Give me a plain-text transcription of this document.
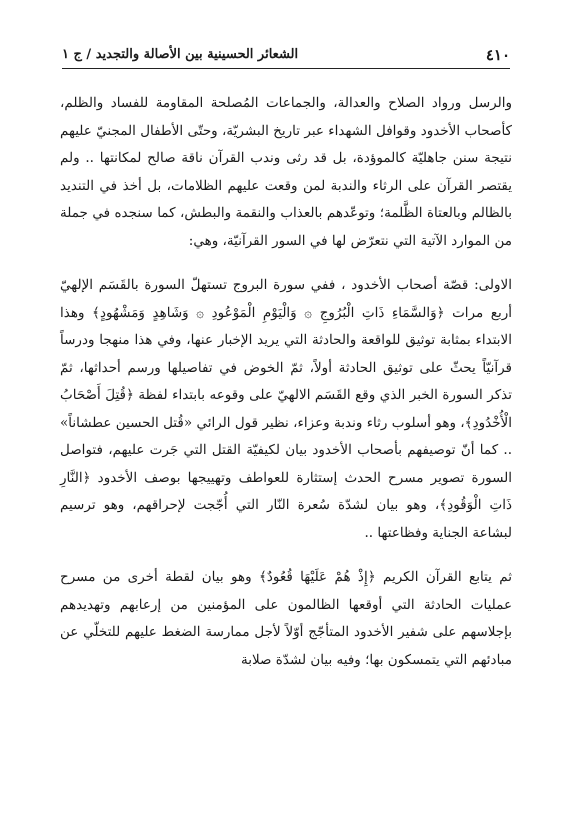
٤١٠
الشعائر الحسينية بين الأصالة والتجديد / ج ١

والرسل ورواد الصلاح والعدالة، والجماعات المُصلحة المقاومة للفساد والظلم، كأصحاب الأخدود وقوافل الشهداء عبر تاريخ البشريّة، وحتّى الأطفال المجنيّ عليهم نتيجة سنن جاهليّة كالموؤدة، بل قد رثى وندب القرآن ناقة صالح لمكانتها .. ولم يقتصر القرآن على الرثاء والندبة لمن وقعت عليهم الظلامات، بل أخذ في التنديد بالظالم وبالعتاة الظَّلمة؛ وتوعّدهم بالعذاب والنقمة والبطش، كما سنجده في جملة من الموارد الآتية التي نتعرّض لها في السور القرآنيّة، وهي:

الاولى: قصّة أصحاب الأخدود ، ففي سورة البروج تستهلّ السورة بالقَسَم الإلهيّ أربع مرات ﴿وَالسَّمَاءِ ذَاتِ الْبُرُوجِ ۞ وَالْيَوْمِ الْمَوْعُودِ ۞ وَشَاهِدٍ وَمَشْهُودٍ﴾ وهذا الابتداء بمثابة توثيق للواقعة والحادثة التي يريد الإخبار عنها، وفي هذا منهجا ودرساً قرآنيّاً يحثّ على توثيق الحادثة أولاً، ثمّ الخوض في تفاصيلها ورسم أحداثها، ثمّ تذكر السورة الخبر الذي وقع القَسَم الالهيّ على وقوعه بابتداء لفظة ﴿قُتِلَ أَصْحَابُ الْأُخْدُودِ﴾، وهو أسلوب رثاء وندبة وعزاء، نظير قول الرائي «قُتل الحسين عطشاناً» .. كما أنّ توصيفهم بأصحاب الأخدود بيان لكيفيّة القتل التي جَرت عليهم، فتواصل السورة تصوير مسرح الحدث إستثارة للعواطف وتهييجها بوصف الأخدود ﴿النَّارِ ذَاتِ الْوَقُودِ﴾، وهو بيان لشدّة سُعرة النّار التي أُجّجت لإحراقهم، وهو ترسيم لبشاعة الجناية وفظاعتها ..

ثم يتابع القرآن الكريم ﴿إِذْ هُمْ عَلَيْهَا قُعُودٌ﴾ وهو بيان لقطة أخرى من مسرح عمليات الحادثة التي أوقعها الظالمون على المؤمنين من إرعابهم وتهديدهم بإجلاسهم على شفير الأخدود المتأجّج أوّلاً لأجل ممارسة الضغط عليهم للتخلّي عن مبادئهم التي يتمسكون بها؛ وفيه بيان لشدّة صلابة
